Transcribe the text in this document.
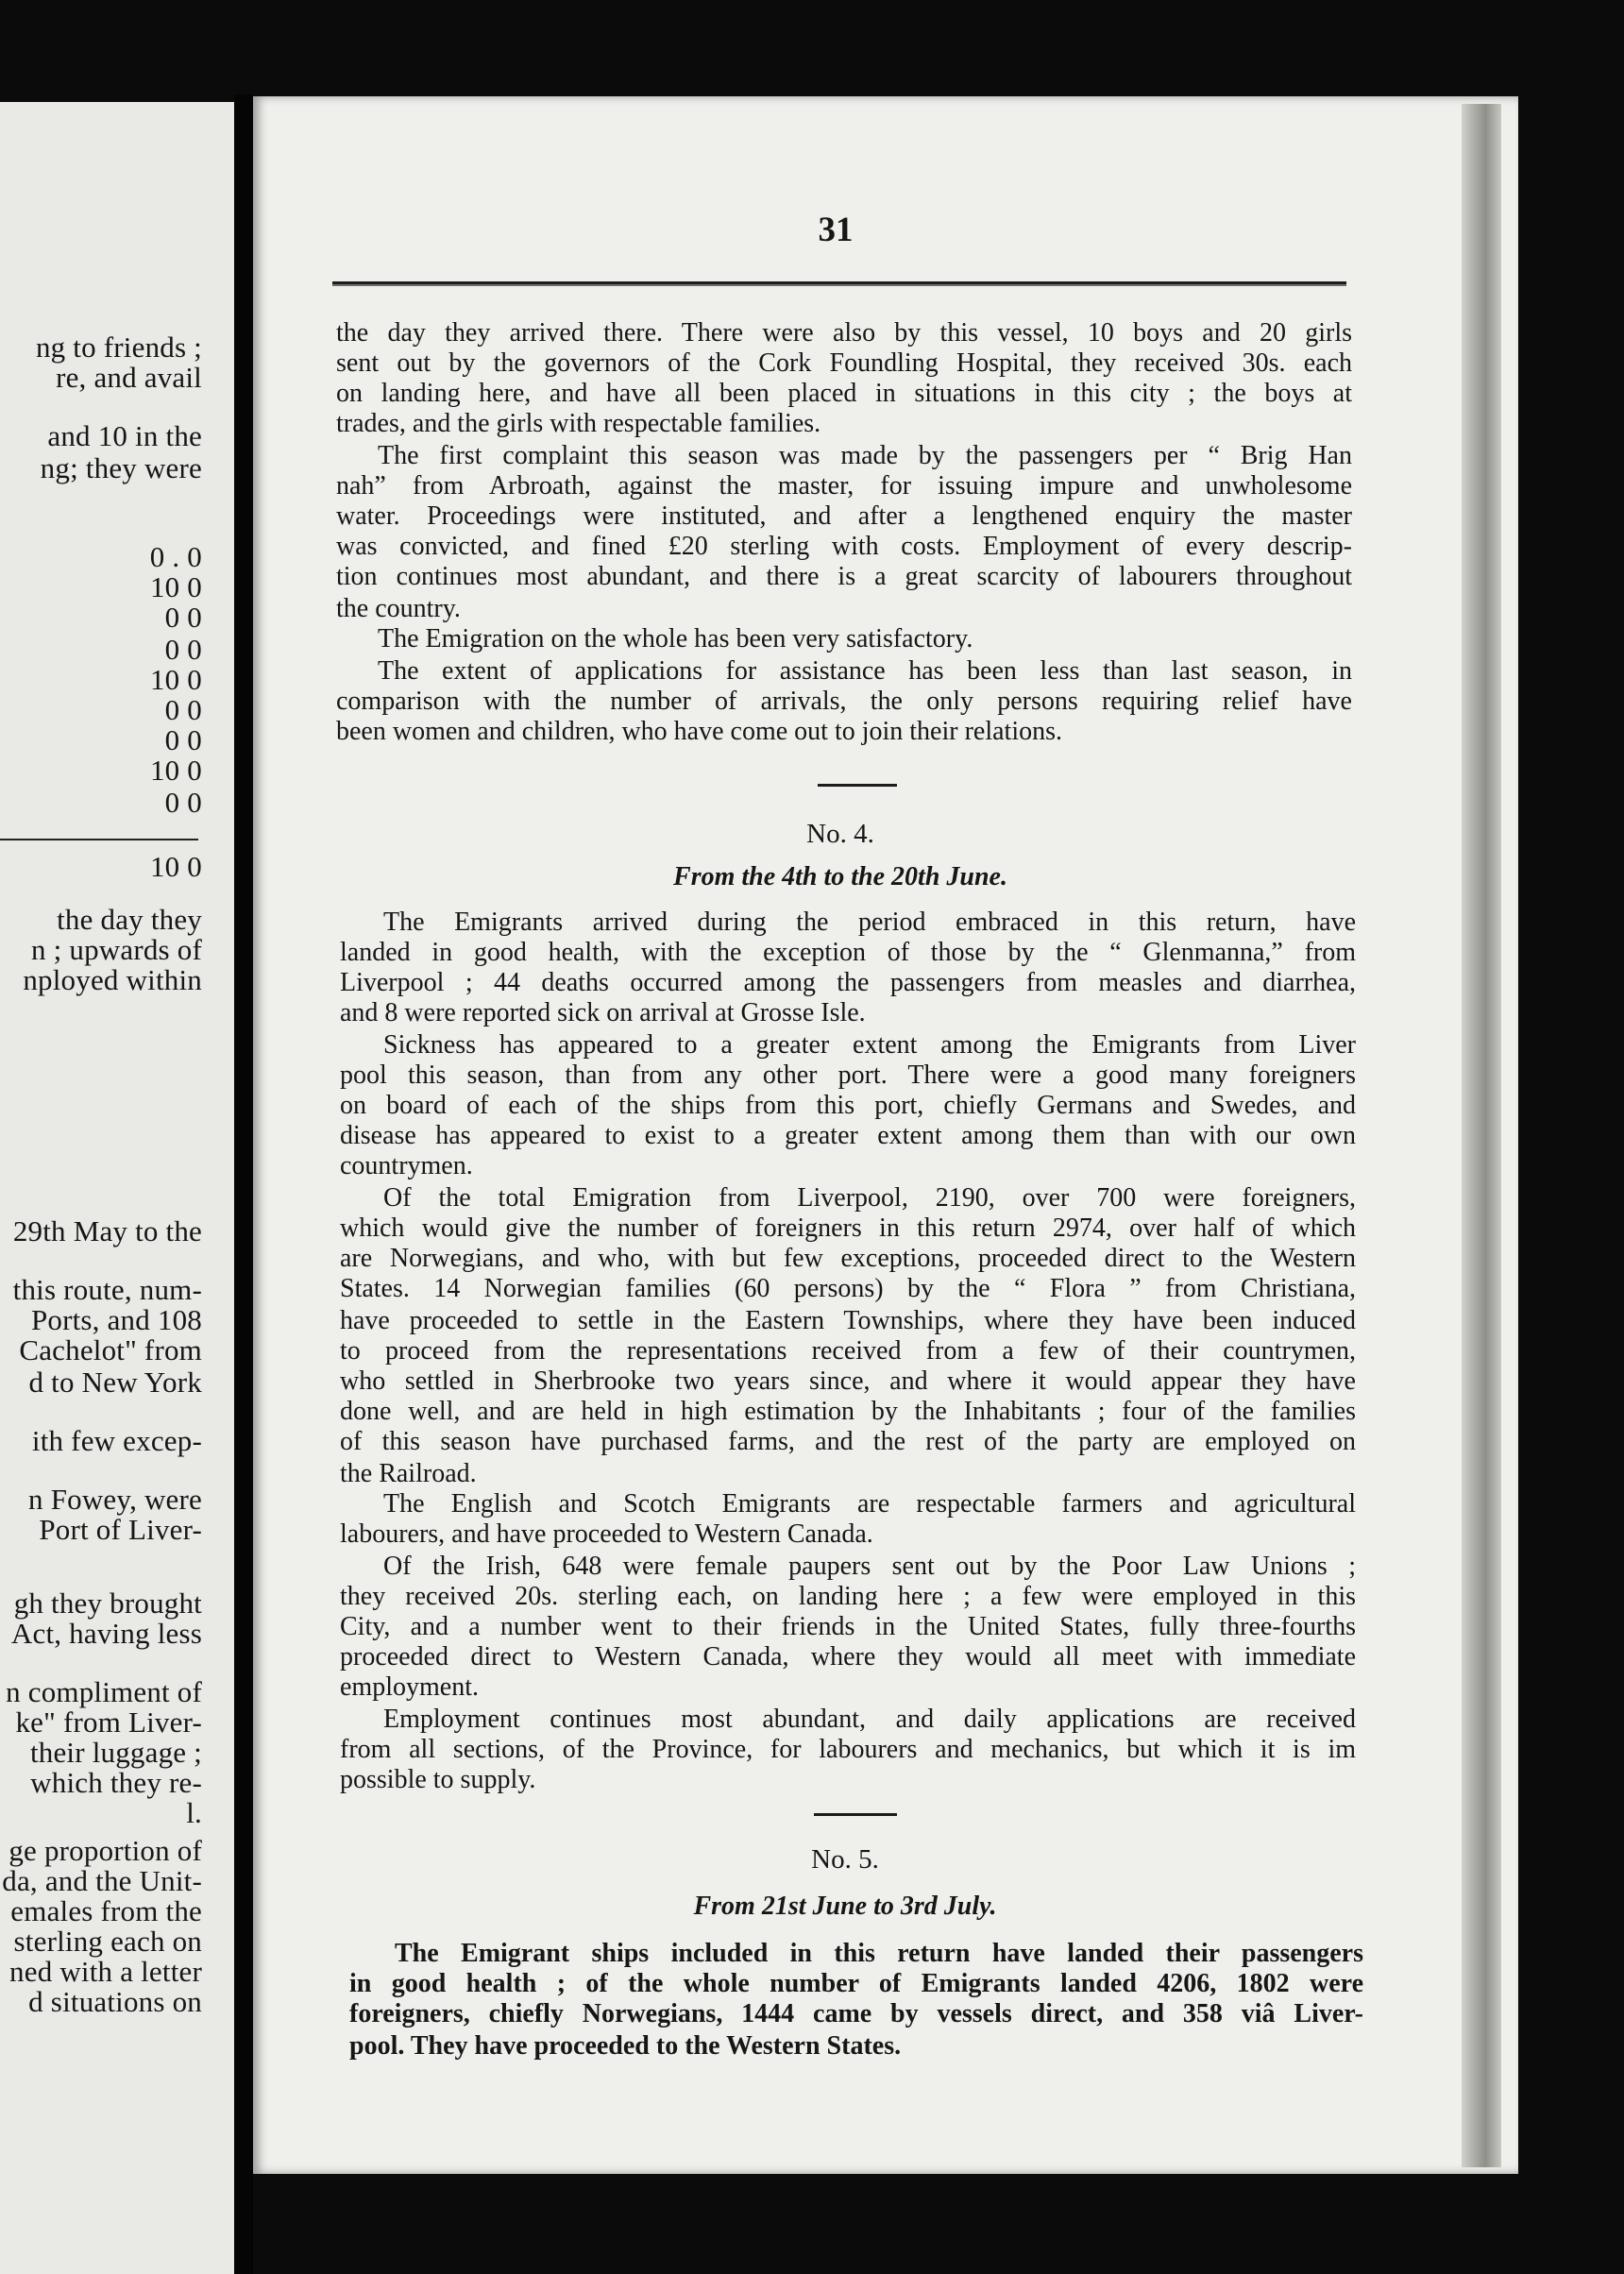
ng to friends ;
re, and avail
and 10 in the
ng; they were
0 . 0
10 0
0 0
0 0
10 0
0 0
0 0
10 0
0 0
10 0
the day they
n ; upwards of
nployed within
29th May to the
this route, num-
Ports, and 108
Cachelot" from
d to New York
ith few excep-
n Fowey, were
Port of Liver-
gh they brought
Act, having less
n compliment of
ke" from Liver-
their luggage ;
which they re-
l.
ge proportion of
da, and the Unit-
emales from the
sterling each on
ned with a letter
d situations on
31
the day they arrived there. There were also by this vessel, 10 boys and 20 girls
sent out by the governors of the Cork Foundling Hospital, they received 30s. each
on landing here, and have all been placed in situations in this city ; the boys at
trades, and the girls with respectable families.
The first complaint this season was made by the passengers per “ Brig Han
nah” from Arbroath, against the master, for issuing impure and unwholesome
water. Proceedings were instituted, and after a lengthened enquiry the master
was convicted, and fined £20 sterling with costs. Employment of every descrip-
tion continues most abundant, and there is a great scarcity of labourers throughout
the country.
The Emigration on the whole has been very satisfactory.
The extent of applications for assistance has been less than last season, in
comparison with the number of arrivals, the only persons requiring relief have
been women and children, who have come out to join their relations.
No. 4.
From the 4th to the 20th June.
The Emigrants arrived during the period embraced in this return, have
landed in good health, with the exception of those by the “ Glenmanna,” from
Liverpool ; 44 deaths occurred among the passengers from measles and diarrhea,
and 8 were reported sick on arrival at Grosse Isle.
Sickness has appeared to a greater extent among the Emigrants from Liver
pool this season, than from any other port. There were a good many foreigners
on board of each of the ships from this port, chiefly Germans and Swedes, and
disease has appeared to exist to a greater extent among them than with our own
countrymen.
Of the total Emigration from Liverpool, 2190, over 700 were foreigners,
which would give the number of foreigners in this return 2974, over half of which
are Norwegians, and who, with but few exceptions, proceeded direct to the Western
States. 14 Norwegian families (60 persons) by the “ Flora ” from Christiana,
have proceeded to settle in the Eastern Townships, where they have been induced
to proceed from the representations received from a few of their countrymen,
who settled in Sherbrooke two years since, and where it would appear they have
done well, and are held in high estimation by the Inhabitants ; four of the families
of this season have purchased farms, and the rest of the party are employed on
the Railroad.
The English and Scotch Emigrants are respectable farmers and agricultural
labourers, and have proceeded to Western Canada.
Of the Irish, 648 were female paupers sent out by the Poor Law Unions ;
they received 20s. sterling each, on landing here ; a few were employed in this
City, and a number went to their friends in the United States, fully three-fourths
proceeded direct to Western Canada, where they would all meet with immediate
employment.
Employment continues most abundant, and daily applications are received
from all sections, of the Province, for labourers and mechanics, but which it is im
possible to supply.
No. 5.
From 21st June to 3rd July.
The Emigrant ships included in this return have landed their passengers
in good health ; of the whole number of Emigrants landed 4206, 1802 were
foreigners, chiefly Norwegians, 1444 came by vessels direct, and 358 viâ Liver-
pool. They have proceeded to the Western States.
